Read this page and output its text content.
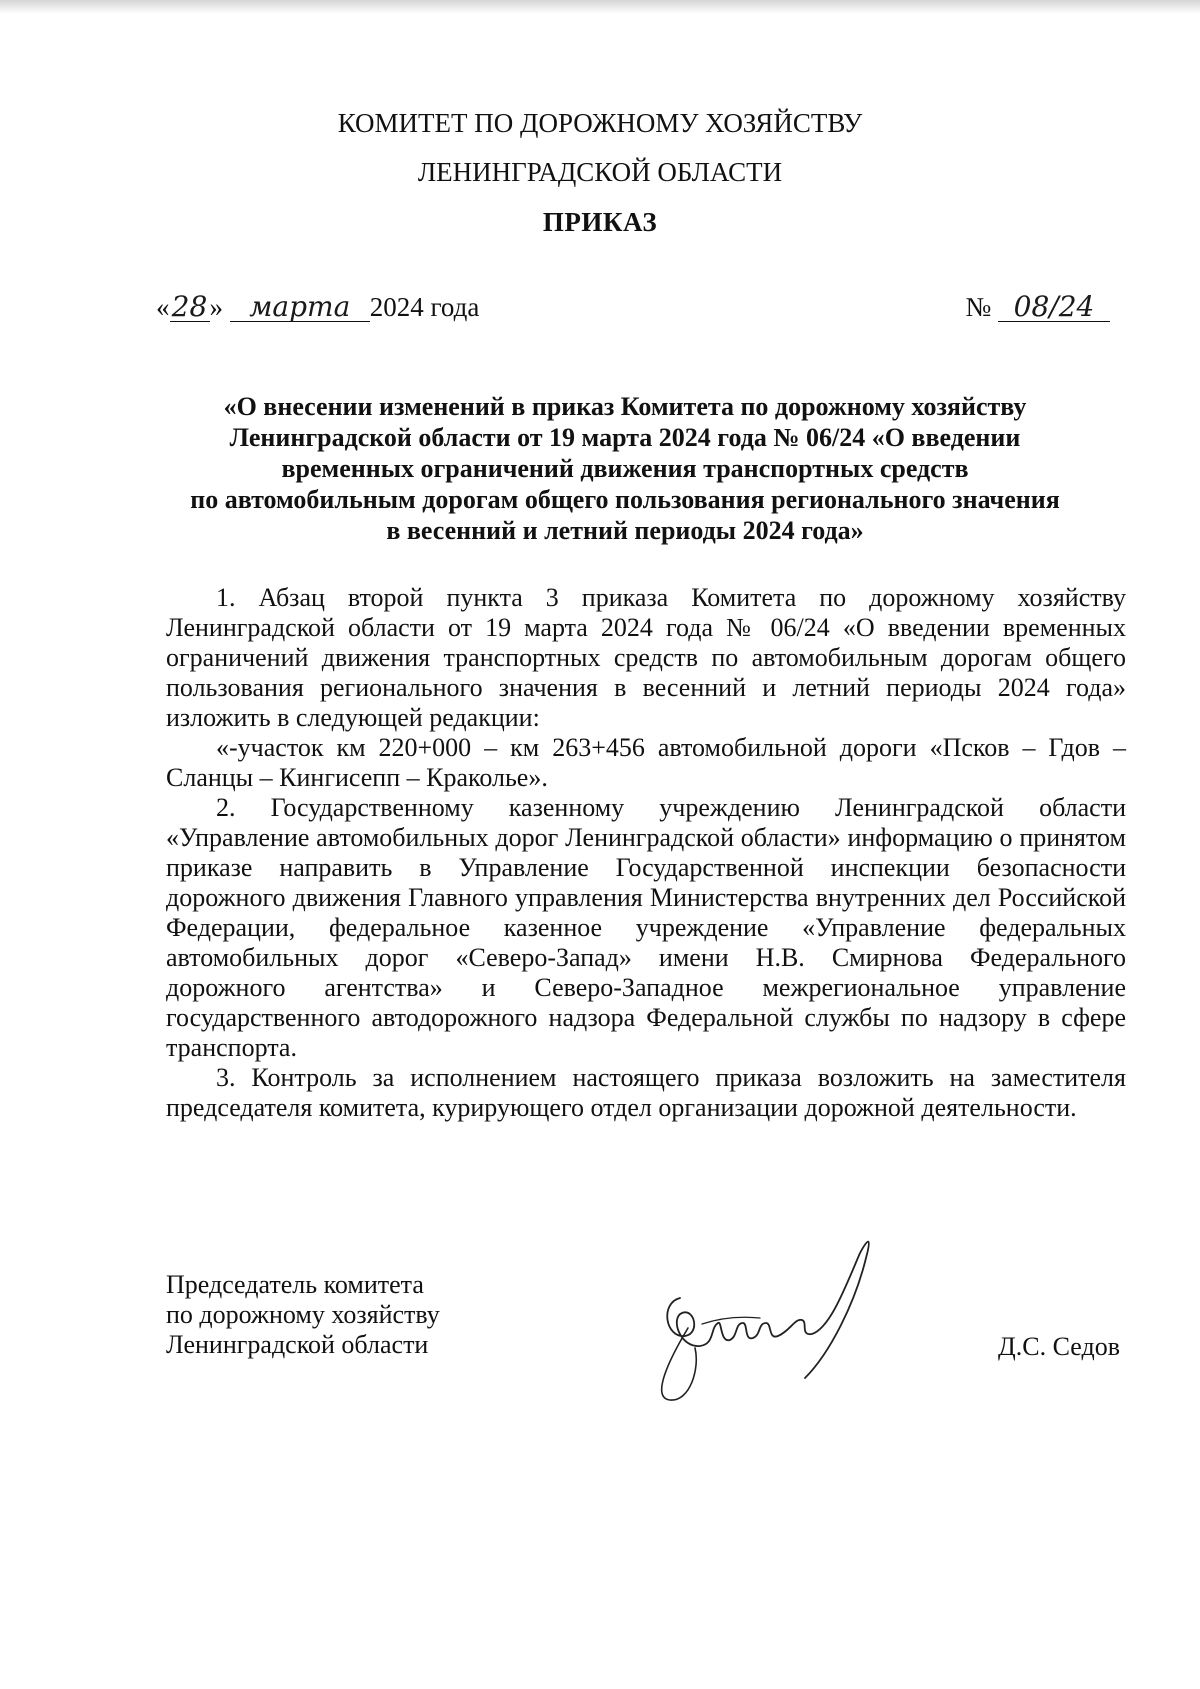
КОМИТЕТ ПО ДОРОЖНОМУ ХОЗЯЙСТВУ
ЛЕНИНГРАДСКОЙ ОБЛАСТИ
ПРИКАЗ
«28» марта 2024 года	№ 08/24
«О внесении изменений в приказ Комитета по дорожному хозяйству
Ленинградской области от 19 марта 2024 года № 06/24 «О введении
временных ограничений движения транспортных средств
по автомобильным дорогам общего пользования регионального значения
в весенний и летний периоды 2024 года»

1. Абзац второй пункта 3 приказа Комитета по дорожному хозяйству Ленинградской области от 19 марта 2024 года № 06/24 «О введении временных ограничений движения транспортных средств по автомобильным дорогам общего пользования регионального значения в весенний и летний периоды 2024 года» изложить в следующей редакции:

«-участок км 220+000 – км 263+456 автомобильной дороги «Псков – Гдов – Сланцы – Кингисепп – Краколье».

2. Государственному казенному учреждению Ленинградской области «Управление автомобильных дорог Ленинградской области» информацию о принятом приказе направить в Управление Государственной инспекции безопасности дорожного движения Главного управления Министерства внутренних дел Российской Федерации, федеральное казенное учреждение «Управление федеральных автомобильных дорог «Северо-Запад» имени Н.В. Смирнова Федерального дорожного агентства» и Северо-Западное межрегиональное управление государственного автодорожного надзора Федеральной службы по надзору в сфере транспорта.

3. Контроль за исполнением настоящего приказа возложить на заместителя председателя комитета, курирующего отдел организации дорожной деятельности.

Председатель комитета
по дорожному хозяйству
Ленинградской области	Д.С. Седов
